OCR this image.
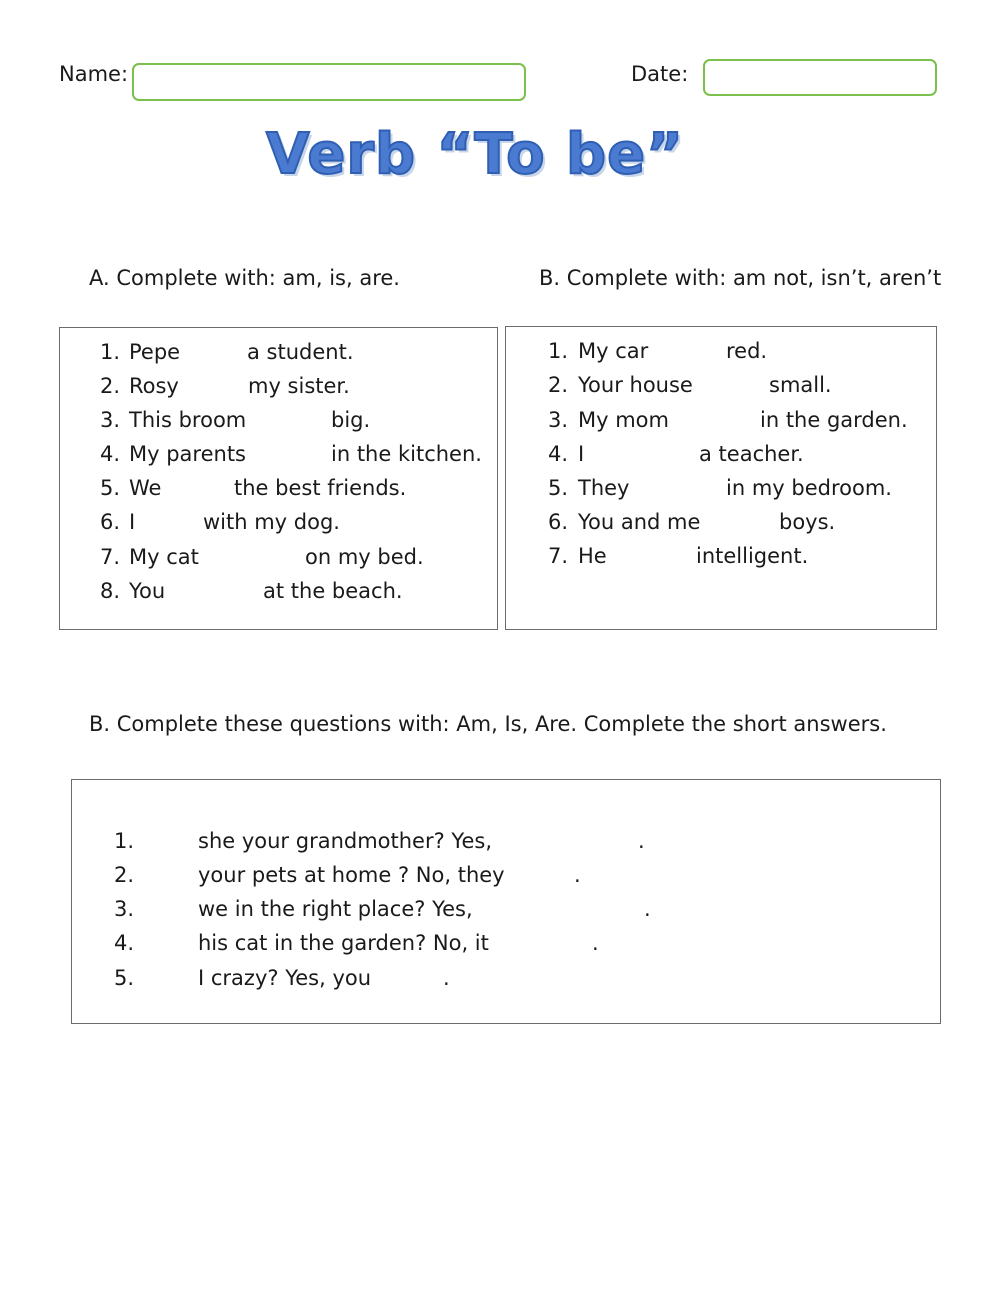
Name:	Date:
Verb “To be”
A. Complete with: am, is, are.
1. Pepe	a student.
2. Rosy	my sister.
3. This broom	big.
4. My parents	in the kitchen.
5. We	the best friends.
6. I	with my dog.
7. My cat	on my bed.
8. You	at the beach.
B. Complete with: am not, isn’t, aren’t
1. My car	red.
2. Your house	small.
3. My mom	in the garden.
4. I	a teacher.
5. They	in my bedroom.
6. You and me	boys.
7. He	intelligent.
B. Complete these questions with: Am, Is, Are. Complete the short answers.
1.	she your grandmother? Yes,	.
2.	your pets at home ? No, they	.
3.	we in the right place? Yes,	.
4.	his cat in the garden? No, it	.
5.	I crazy? Yes, you	.
